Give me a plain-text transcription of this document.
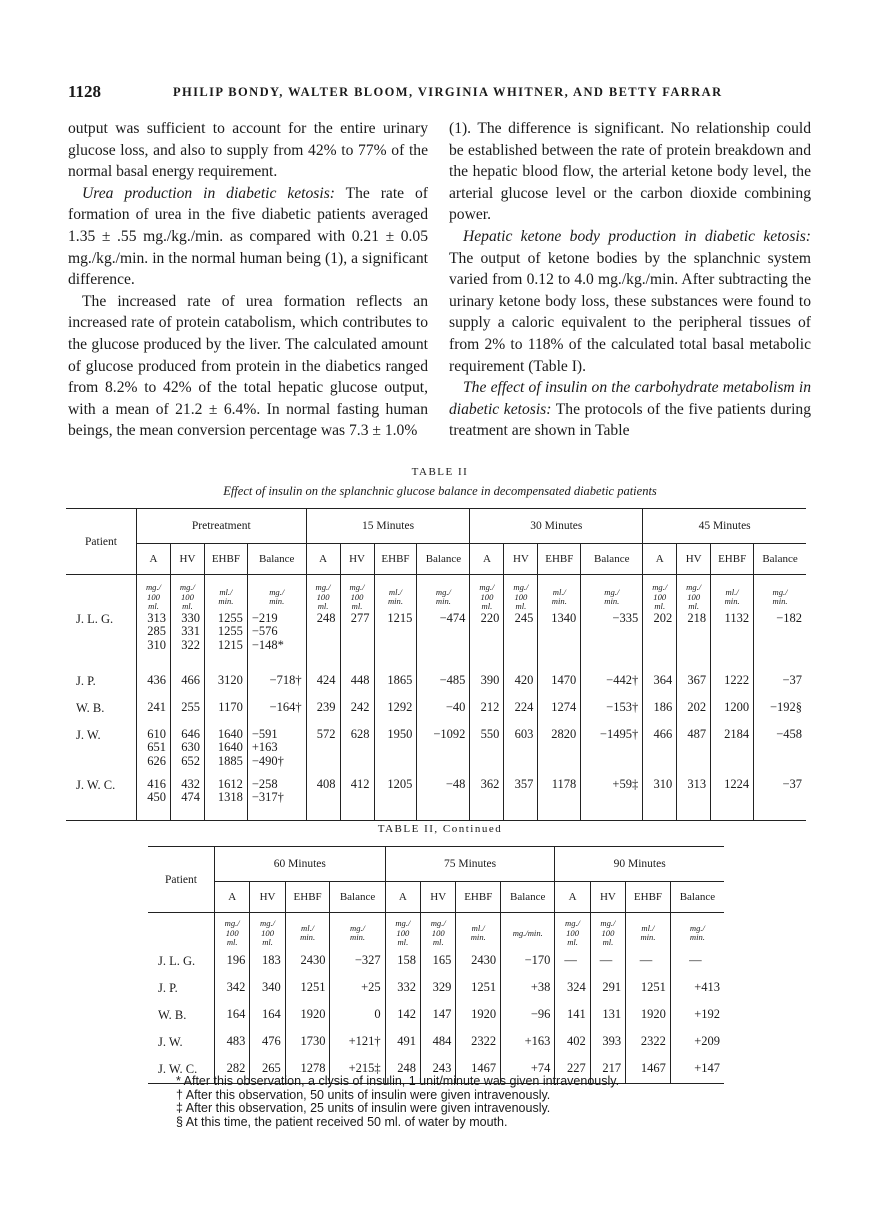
1128	PHILIP BONDY, WALTER BLOOM, VIRGINIA WHITNER, AND BETTY FARRAR

output was sufficient to account for the entire urinary glucose loss, and also to supply from 42% to 77% of the normal basal energy requirement.

Urea production in diabetic ketosis: The rate of formation of urea in the five diabetic patients averaged 1.35 ± .55 mg./kg./min. as compared with 0.21 ± 0.05 mg./kg./min. in the normal human being (1), a significant difference.

The increased rate of urea formation reflects an increased rate of protein catabolism, which contributes to the glucose produced by the liver. The calculated amount of glucose produced from protein in the diabetics ranged from 8.2% to 42% of the total hepatic glucose output, with a mean of 21.2 ± 6.4%. In normal fasting human beings, the mean conversion percentage was 7.3 ± 1.0%

(1). The difference is significant. No relationship could be established between the rate of protein breakdown and the hepatic blood flow, the arterial ketone body level, the arterial glucose level or the carbon dioxide combining power.

Hepatic ketone body production in diabetic ketosis: The output of ketone bodies by the splanchnic system varied from 0.12 to 4.0 mg./kg./min. After subtracting the urinary ketone body loss, these substances were found to supply a caloric equivalent to the peripheral tissues of from 2% to 118% of the calculated total basal metabolic requirement (Table I).

The effect of insulin on the carbohydrate metabolism in diabetic ketosis: The protocols of the five patients during treatment are shown in Table

TABLE II
Effect of insulin on the splanchnic glucose balance in decompensated diabetic patients
Patient	Pretreatment				15 Minutes				30 Minutes				45 Minutes			
	A	HV	EHBF	Balance	A	HV	EHBF	Balance	A	HV	EHBF	Balance	A	HV	EHBF	Balance
	mg./
100
ml.	mg./
100
ml.	ml./
min.	mg./
min.	mg./
100
ml.	mg./
100
ml.	ml./
min.	mg./
min.	mg./
100
ml.	mg./
100
ml.	ml./
min.	mg./
min.	mg./
100
ml.	mg./
100
ml.	ml./
min.	mg./
min.
J. L. G.	313
285
310	330
331
322	1255
1255
1215	−219
−576
−148*	248	277	1215	−474	220	245	1340	−335	202	218	1132	−182
J. P.	436	466	3120	−718†	424	448	1865	−485	390	420	1470	−442†	364	367	1222	−37
W. B.	241	255	1170	−164†	239	242	1292	−40	212	224	1274	−153†	186	202	1200	−192§
J. W.	610
651
626	646
630
652	1640
1640
1885	−591
+163
−490†	572	628	1950	−1092	550	603	2820	−1495†	466	487	2184	−458
J. W. C.	416
450	432
474	1612
1318	−258
−317†	408	412	1205	−48	362	357	1178	+59‡	310	313	1224	−37
TABLE II, Continued
Patient	60 Minutes				75 Minutes				90 Minutes			
	A	HV	EHBF	Balance	A	HV	EHBF	Balance	A	HV	EHBF	Balance
	mg./
100
ml.	mg./
100
ml.	ml./
min.	mg./
min.	mg./
100
ml.	mg./
100
ml.	ml./
min.	mg./min.	mg./
100
ml.	mg./
100
ml.	ml./
min.	mg./
min.
J. L. G.	196	183	2430	−327	158	165	2430	−170	—	—	—	—
J. P.	342	340	1251	+25	332	329	1251	+38	324	291	1251	+413
W. B.	164	164	1920	0	142	147	1920	−96	141	131	1920	+192
J. W.	483	476	1730	+121†	491	484	2322	+163	402	393	2322	+209
J. W. C.	282	265	1278	+215‡	248	243	1467	+74	227	217	1467	+147
* After this observation, a clysis of insulin, 1 unit/minute was given intravenously.
† After this observation, 50 units of insulin were given intravenously.
‡ After this observation, 25 units of insulin were given intravenously.
§ At this time, the patient received 50 ml. of water by mouth.
